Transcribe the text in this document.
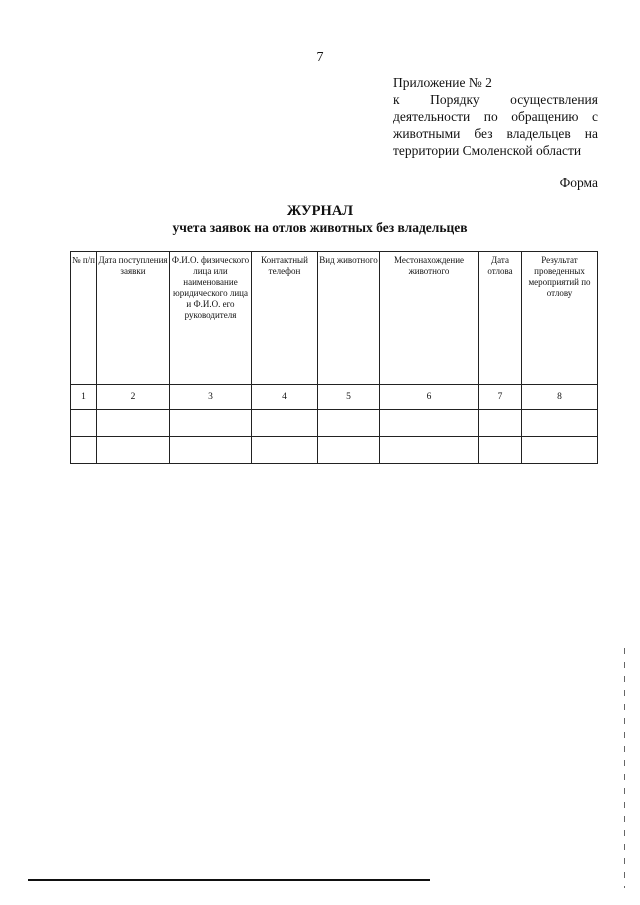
7
Приложение № 2
к Порядку осуществления
деятельности по обращению с
животными без владельцев на
территории Смоленской области
Форма
ЖУРНАЛ
учета заявок на отлов животных без владельцев
№ п/п	Дата поступления заявки	Ф.И.О. физического лица или наименование юридического лица и Ф.И.О. его руководителя	Контактный телефон	Вид животного	Местонахождение животного	Дата отлова	Результат проведенных мероприятий по отлову
1	2	3	4	5	6	7	8
